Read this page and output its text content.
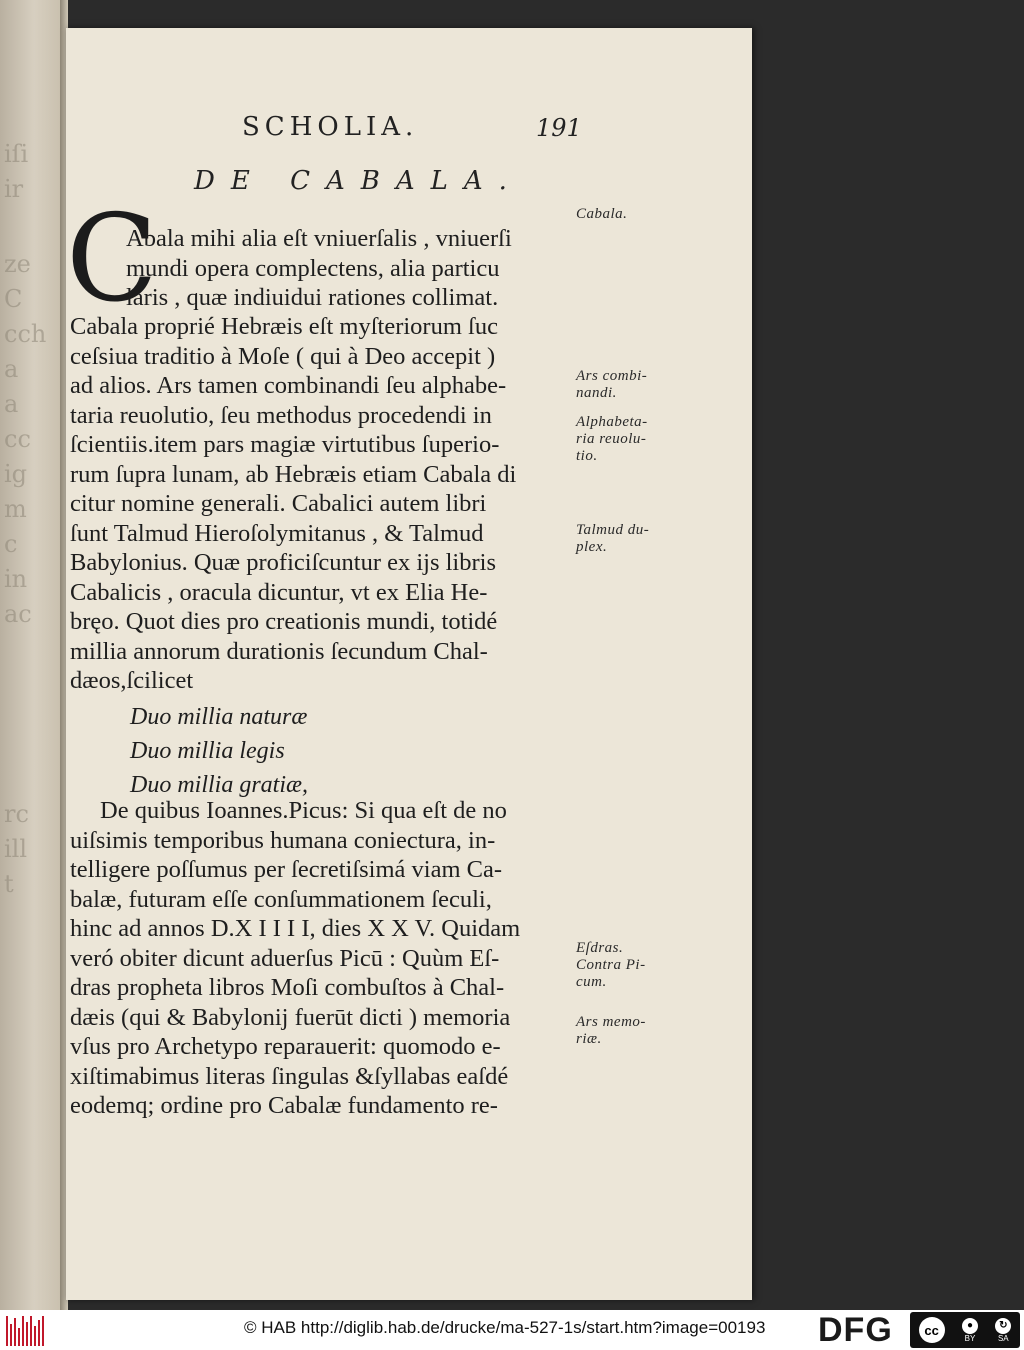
iſi
ir
ze
C
cch
a
a
cc
ig
m
c
in
ac
rc
ill
t
SCHOLIA.	191
DE CABALA.
C
Abala mihi alia eſt vniuerſalis , vniuerſi
mundi opera complectens, alia particu
laris , quæ indiuidui rationes collimat.
Cabala proprié Hebræis eſt myſteriorum ſuc
ceſsiua traditio à Moſe ( qui à Deo accepit )
ad alios. Ars tamen combinandi ſeu alphabe-
taria reuolutio, ſeu methodus procedendi in
ſcientiis.item pars magiæ virtutibus ſuperio-
rum ſupra lunam, ab Hebræis etiam Cabala di
citur nomine generali. Cabalici autem libri
ſunt Talmud Hieroſolymitanus , & Talmud
Babylonius. Quæ proficiſcuntur ex ijs libris
Cabalicis , oracula dicuntur, vt ex Elia He-
bręo. Quot dies pro creationis mundi, totidé
millia annorum durationis ſecundum Chal-
dæos,ſcilicet
Duo millia naturæ
Duo millia legis
Duo millia gratiæ,
De quibus Ioannes.Picus: Si qua eſt de no
uiſsimis temporibus humana coniectura, in-
telligere poſſumus per ſecretiſsimá viam Ca-
balæ, futuram eſſe conſummationem ſeculi,
hinc ad annos D.X I I I I, dies X X V. Quidam
veró obiter dicunt aduerſus Picū : Quùm Eſ-
dras propheta libros Moſi combuſtos à Chal-
dæis (qui & Babylonij fuerūt dicti ) memoria
vſus pro Archetypo reparauerit: quomodo e-
xiſtimabimus literas ſingulas &ſyllabas eaſdé
eodemq; ordine pro Cabalæ fundamento re-
Cabala.
Ars combi-
nandi.
Alphabeta-
ria reuolu-
tio.
Talmud du-
plex.
Eſdras.
Contra Pi-
cum.
Ars memo-
riæ.
© HAB http://diglib.hab.de/drucke/ma-527-1s/start.htm?image=00193 DFG	cc	●
BY
↻
SA
